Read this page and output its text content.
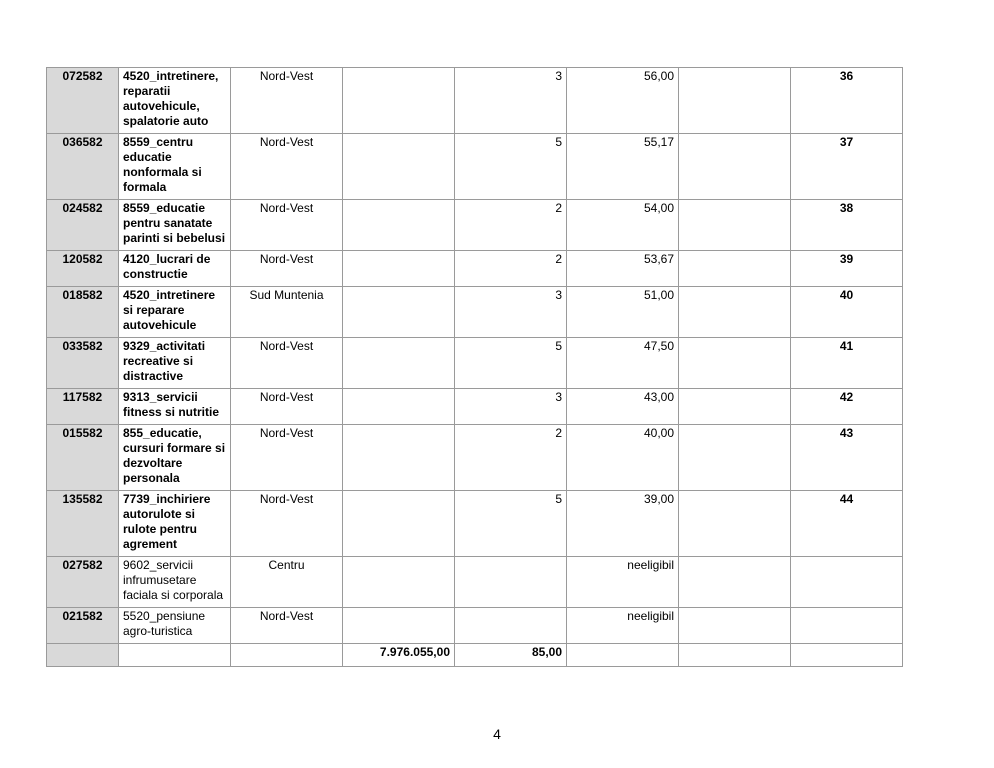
072582	4520_intretinere, reparatii autovehicule, spalatorie auto	Nord-Vest		3	56,00		36
036582	8559_centru educatie nonformala si formala	Nord-Vest		5	55,17		37
024582	8559_educatie pentru sanatate parinti si bebelusi	Nord-Vest		2	54,00		38
120582	4120_lucrari de constructie	Nord-Vest		2	53,67		39
018582	4520_intretinere si reparare autovehicule	Sud Muntenia		3	51,00		40
033582	9329_activitati recreative si distractive	Nord-Vest		5	47,50		41
117582	9313_servicii fitness si nutritie	Nord-Vest		3	43,00		42
015582	855_educatie, cursuri formare si dezvoltare personala	Nord-Vest		2	40,00		43
135582	7739_inchiriere autorulote si rulote pentru agrement	Nord-Vest		5	39,00		44
027582	9602_servicii infrumusetare faciala si corporala	Centru			neeligibil		
021582	5520_pensiune agro-turistica	Nord-Vest			neeligibil		
			7.976.055,00	85,00			
4
